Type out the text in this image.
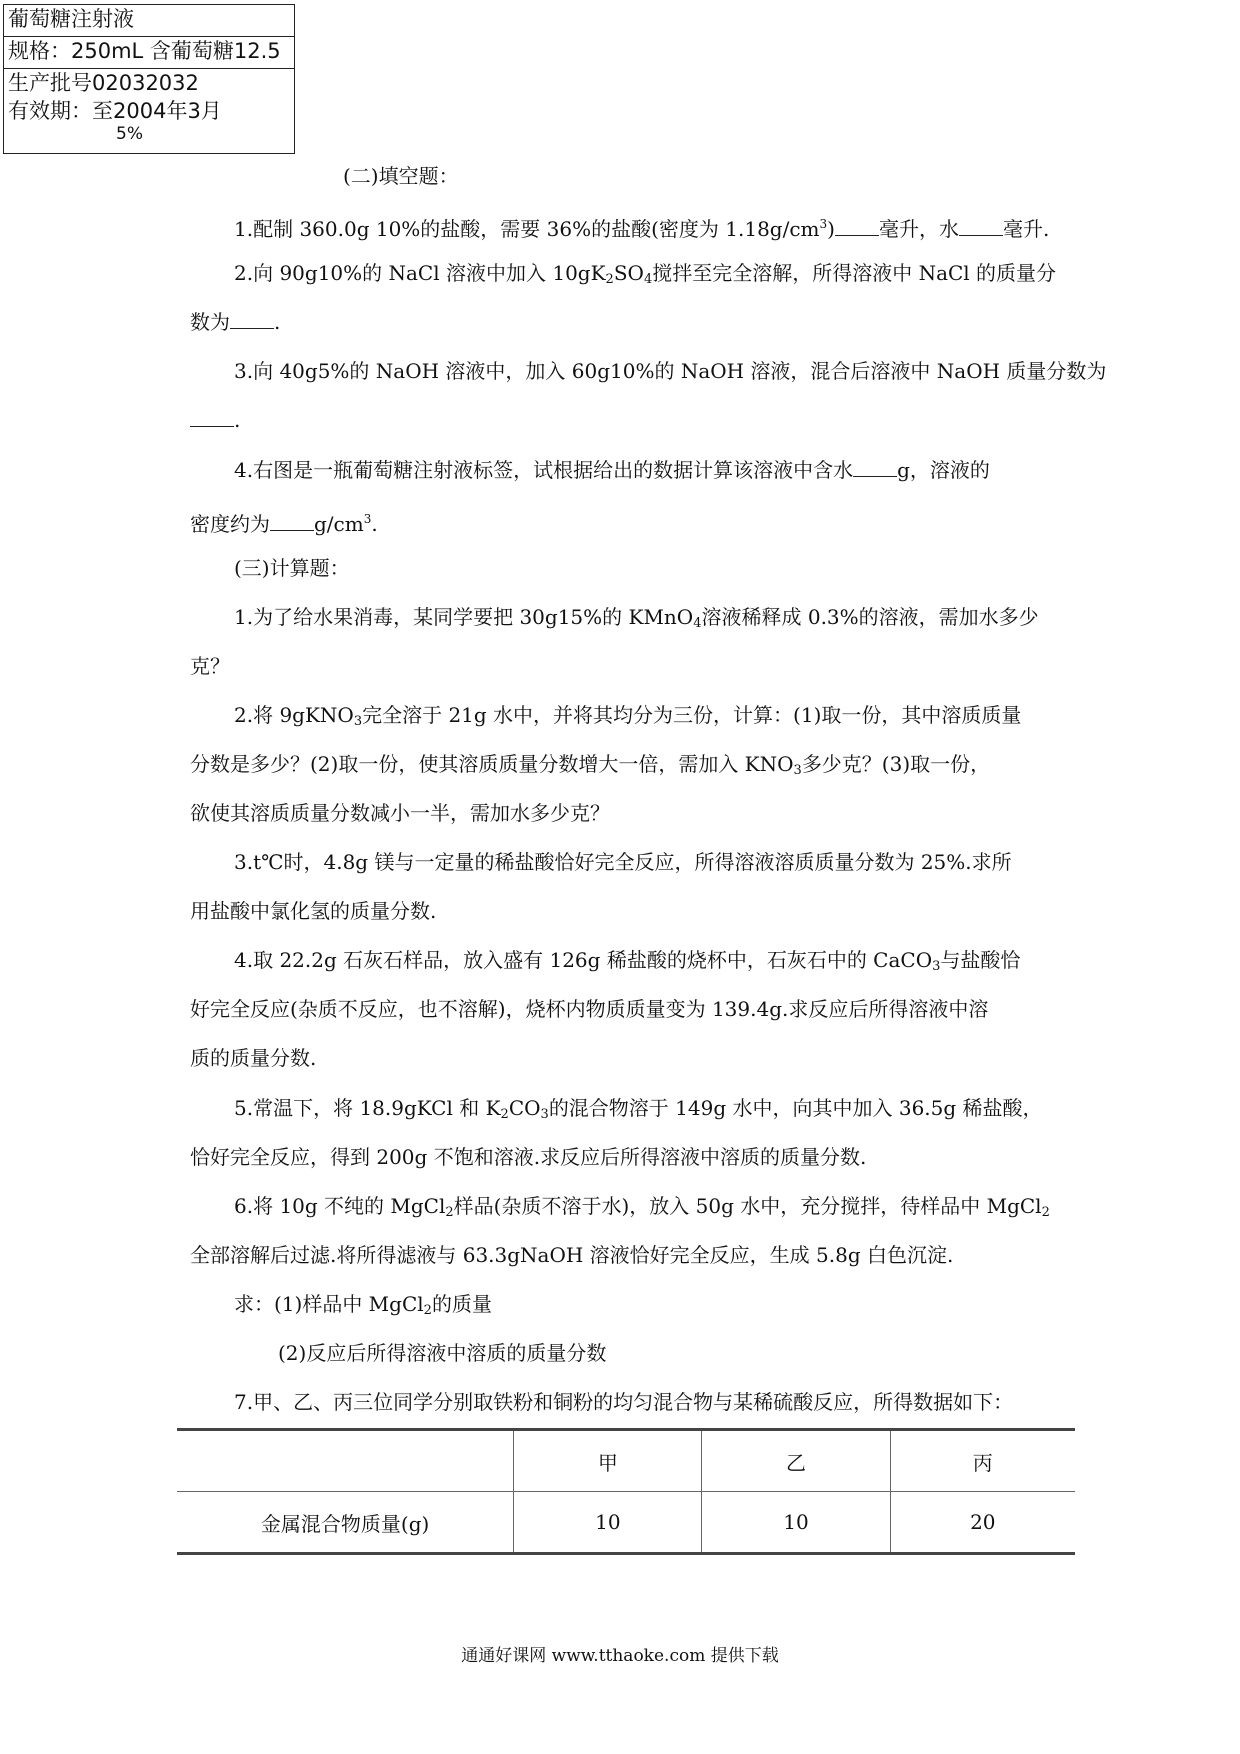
葡萄糖注射液
规格：250mL 含葡萄糖12.5
生产批号02032032
有效期：至2004年3月
5%
(二)填空题：
1.配制 360.0g 10%的盐酸，需要 36%的盐酸(密度为 $1.18g/cm^3$) 毫升，水 毫升.
2.向 90g10%的 NaCl 溶液中加入 $10gK_2SO_4$搅拌至完全溶解，所得溶液中 NaCl 的质量分
数为 .
3.向 40g5%的 NaOH 溶液中，加入 60g10%的 NaOH 溶液，混合后溶液中 NaOH 质量分数为
.
4.右图是一瓶葡萄糖注射液标签，试根据给出的数据计算该溶液中含水 g，溶液的
密度约为 $g/cm^3$.
(三)计算题：
1.为了给水果消毒，某同学要把 30g15%的 KMnO$_4$溶液稀释成 0.3%的溶液，需加水多少
克？
2.将 9gKNO$_3$完全溶于 21g 水中，并将其均分为三份，计算：(1)取一份，其中溶质质量
分数是多少？(2)取一份，使其溶质质量分数增大一倍，需加入 $KNO_3$多少克？(3)取一份，
欲使其溶质质量分数减小一半，需加水多少克？
3.t℃时，4.8g 镁与一定量的稀盐酸恰好完全反应，所得溶液溶质质量分数为 25%.求所
用盐酸中氯化氢的质量分数.
4.取 22.2g 石灰石样品，放入盛有 126g 稀盐酸的烧杯中，石灰石中的 CaCO$_3$与盐酸恰
好完全反应(杂质不反应，也不溶解)，烧杯内物质质量变为 139.4g.求反应后所得溶液中溶
质的质量分数.
5.常温下，将 18.9gKCl 和 $K_2CO_3$的混合物溶于 149g 水中，向其中加入 36.5g 稀盐酸，
恰好完全反应，得到 200g 不饱和溶液.求反应后所得溶液中溶质的质量分数.
6.将 10g 不纯的 MgCl$_2$样品(杂质不溶于水)，放入 50g 水中，充分搅拌，待样品中 MgCl$_2$
全部溶解后过滤.将所得滤液与 63.3gNaOH 溶液恰好完全反应，生成 5.8g 白色沉淀.
求：(1)样品中 MgCl$_2$的质量
(2)反应后所得溶液中溶质的质量分数
7.甲、乙、丙三位同学分别取铁粉和铜粉的均匀混合物与某稀硫酸反应，所得数据如下：
	甲	乙	丙
金属混合物质量(g)	10	10	20
通通好课网 www.tthaoke.com 提供下载
